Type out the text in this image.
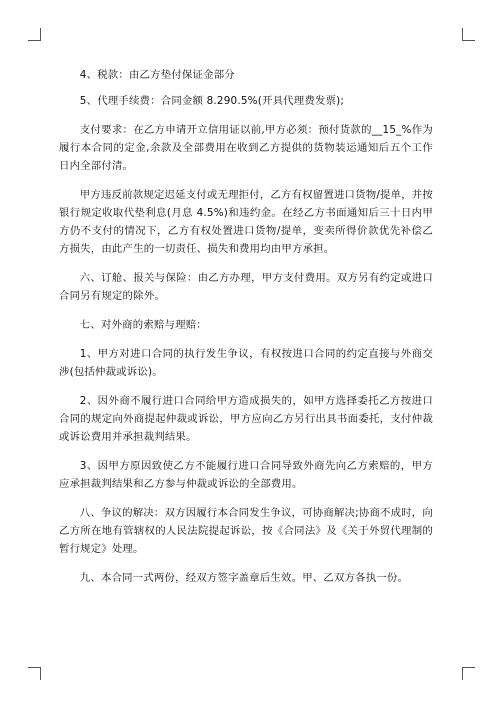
4、税款：由乙方垫付保证金部分

5、代理手续费：合同金额 8.290.5%(开具代理费发票);

支付要求：在乙方申请开立信用证以前,甲方必须：预付货款的__15_%作为履行本合同的定金,余款及全部费用在收到乙方提供的货物装运通知后五个工作日内全部付清。

甲方违反前款规定迟延支付或无理拒付，乙方有权留置进口货物/提单，并按银行规定收取代垫利息(月息 4.5%)和违约金。在经乙方书面通知后三十日内甲方仍不支付的情况下，乙方有权处置进口货物/提单，变卖所得价款优先补偿乙方损失，由此产生的一切责任、损失和费用均由甲方承担。

六、订舱、报关与保险：由乙方办理，甲方支付费用。双方另有约定或进口合同另有规定的除外。

七、对外商的索赔与理赔：

1、甲方对进口合同的执行发生争议，有权按进口合同的约定直接与外商交涉(包括仲裁或诉讼)。

2、因外商不履行进口合同给甲方造成损失的，如甲方选择委托乙方按进口合同的规定向外商提起仲裁或诉讼，甲方应向乙方另行出具书面委托，支付仲裁或诉讼费用并承担裁判结果。

3、因甲方原因致使乙方不能履行进口合同导致外商先向乙方索赔的，甲方应承担裁判结果和乙方参与仲裁或诉讼的全部费用。

八、争议的解决：双方因履行本合同发生争议，可协商解决;协商不成时，向乙方所在地有管辖权的人民法院提起诉讼，按《合同法》及《关于外贸代理制的暂行规定》处理。

九、本合同一式两份，经双方签字盖章后生效。甲、乙双方各执一份。
